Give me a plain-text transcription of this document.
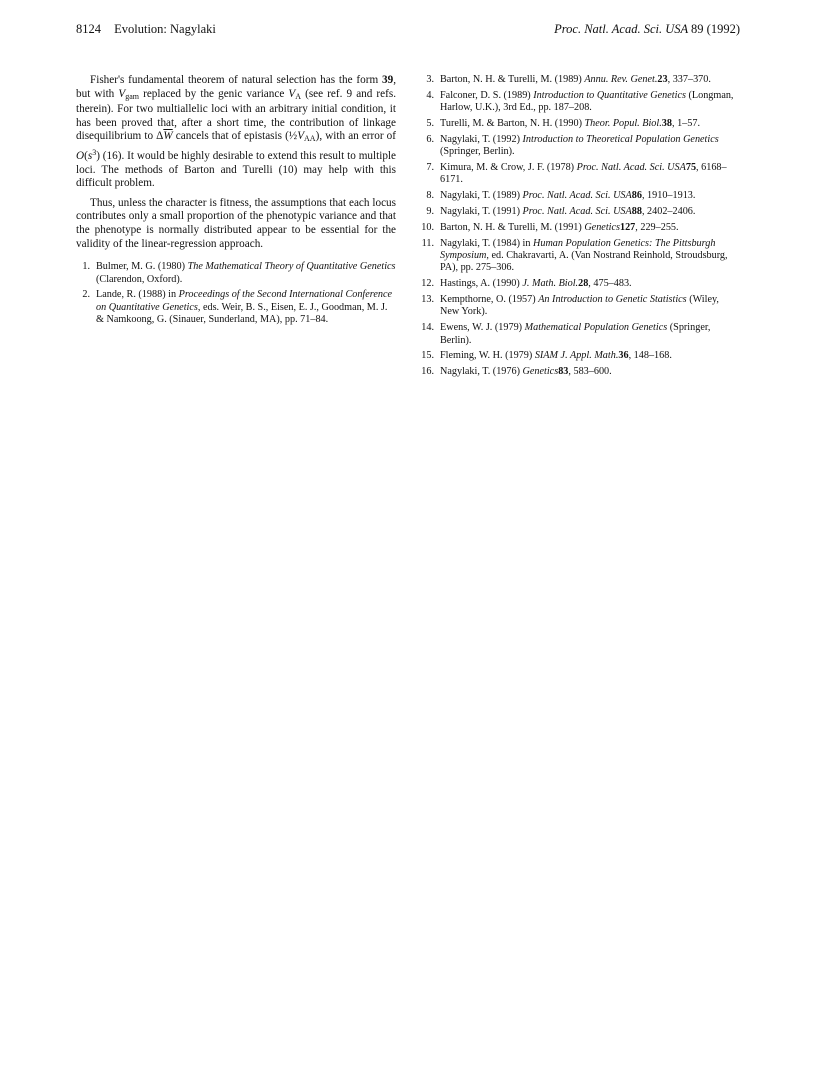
8124 Evolution: Nagylaki	Proc. Natl. Acad. Sci. USA 89 (1992)

Fisher's fundamental theorem of natural selection has the form 39, but with $V_{gam}$ replaced by the genic variance $V_A$ (see ref. 9 and refs. therein). For two multiallelic loci with an arbitrary initial condition, it has been proved that, after a short time, the contribution of linkage disequilibrium to $\Delta\overline{W}$ cancels that of epistasis $(\frac{1}{2}V_{AA})$, with an error of $O(s^3)$ (16). It would be highly desirable to extend this result to multiple loci. The methods of Barton and Turelli (10) may help with this difficult problem.

Thus, unless the character is fitness, the assumptions that each locus contributes only a small proportion of the phenotypic variance and that the phenotype is normally distributed appear to be essential for the validity of the linear-regression approach.

1. Bulmer, M. G. (1980) The Mathematical Theory of Quantitative Genetics (Clarendon, Oxford).
2. Lande, R. (1988) in Proceedings of the Second International Conference on Quantitative Genetics, eds. Weir, B. S., Eisen, E. J., Goodman, M. J. & Namkoong, G. (Sinauer, Sunderland, MA), pp. 71–84.
3. Barton, N. H. & Turelli, M. (1989) Annu. Rev. Genet.23, 337–370.
4. Falconer, D. S. (1989) Introduction to Quantitative Genetics (Longman, Harlow, U.K.), 3rd Ed., pp. 187–208.
5. Turelli, M. & Barton, N. H. (1990) Theor. Popul. Biol.38, 1–57.
6. Nagylaki, T. (1992) Introduction to Theoretical Population Genetics (Springer, Berlin).
7. Kimura, M. & Crow, J. F. (1978) Proc. Natl. Acad. Sci. USA75, 6168–6171.
8. Nagylaki, T. (1989) Proc. Natl. Acad. Sci. USA86, 1910–1913.
9. Nagylaki, T. (1991) Proc. Natl. Acad. Sci. USA88, 2402–2406.
10. Barton, N. H. & Turelli, M. (1991) Genetics127, 229–255.
11. Nagylaki, T. (1984) in Human Population Genetics: The Pittsburgh Symposium, ed. Chakravarti, A. (Van Nostrand Reinhold, Stroudsburg, PA), pp. 275–306.
12. Hastings, A. (1990) J. Math. Biol.28, 475–483.
13. Kempthorne, O. (1957) An Introduction to Genetic Statistics (Wiley, New York).
14. Ewens, W. J. (1979) Mathematical Population Genetics (Springer, Berlin).
15. Fleming, W. H. (1979) SIAM J. Appl. Math.36, 148–168.
16. Nagylaki, T. (1976) Genetics83, 583–600.
